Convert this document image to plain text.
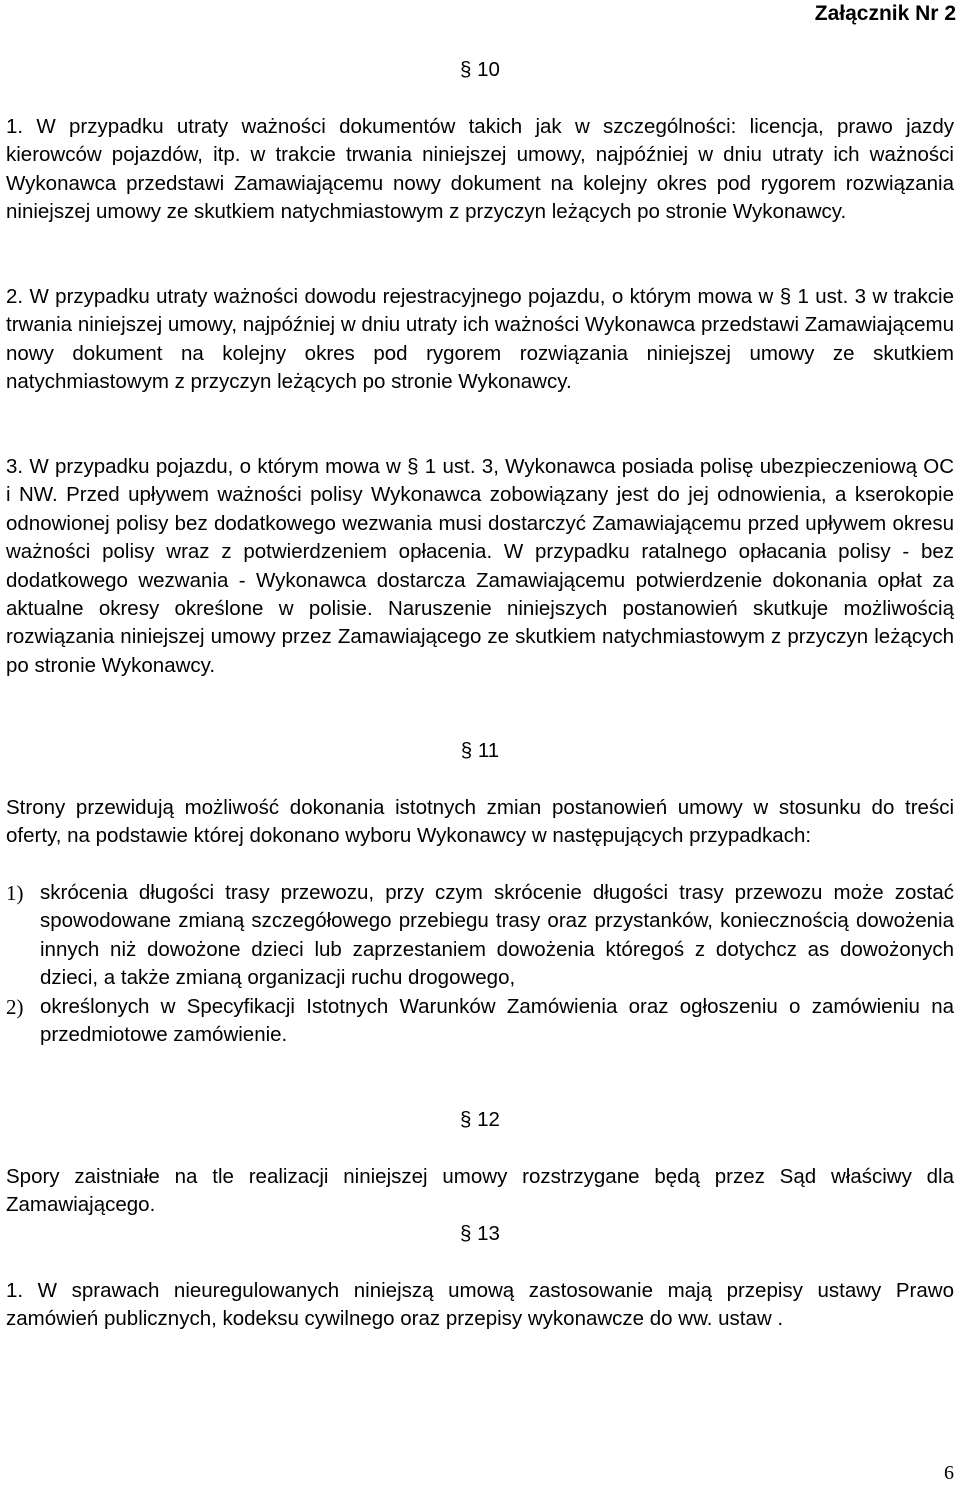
Załącznik Nr 2
§ 10

1. W przypadku utraty ważności dokumentów takich jak w szczególności: licencja, prawo jazdy kierowców pojazdów, itp. w trakcie trwania niniejszej umowy, najpóźniej w dniu utraty ich ważności Wykonawca przedstawi Zamawiającemu nowy dokument na kolejny okres pod rygorem rozwiązania niniejszej umowy ze skutkiem natychmiastowym z przyczyn leżących po stronie Wykonawcy.

2. W przypadku utraty ważności dowodu rejestracyjnego pojazdu, o którym mowa w § 1 ust. 3 w trakcie trwania niniejszej umowy, najpóźniej w dniu utraty ich ważności Wykonawca przedstawi Zamawiającemu nowy dokument na kolejny okres pod rygorem rozwiązania niniejszej umowy ze skutkiem natychmiastowym z przyczyn leżących po stronie Wykonawcy.

3. W przypadku pojazdu, o którym mowa w § 1 ust. 3, Wykonawca posiada polisę ubezpieczeniową OC i NW. Przed upływem ważności polisy Wykonawca zobowiązany jest do jej odnowienia, a kserokopie odnowionej polisy bez dodatkowego wezwania musi dostarczyć Zamawiającemu przed upływem okresu ważności polisy wraz z potwierdzeniem opłacenia. W przypadku ratalnego opłacania polisy - bez dodatkowego wezwania - Wykonawca dostarcza Zamawiającemu potwierdzenie dokonania opłat za aktualne okresy określone w polisie. Naruszenie niniejszych postanowień skutkuje możliwością rozwiązania niniejszej umowy przez Zamawiającego ze skutkiem natychmiastowym z przyczyn leżących po stronie Wykonawcy.

§ 11

Strony przewidują możliwość dokonania istotnych zmian postanowień umowy w stosunku do treści oferty, na podstawie której dokonano wyboru Wykonawcy w następujących przypadkach:

1) skrócenia długości trasy przewozu, przy czym skrócenie długości trasy przewozu może zostać spowodowane zmianą szczegółowego przebiegu trasy oraz przystanków, koniecznością dowożenia innych niż dowożone dzieci lub zaprzestaniem dowożenia któregoś z dotychcz as dowożonych dzieci, a także zmianą organizacji ruchu drogowego,

2) określonych w Specyfikacji Istotnych Warunków Zamówienia oraz ogłoszeniu o zamówieniu na przedmiotowe zamówienie.

§ 12

Spory zaistniałe na tle realizacji niniejszej umowy rozstrzygane będą przez Sąd właściwy dla Zamawiającego.

§ 13

1. W sprawach nieuregulowanych niniejszą umową zastosowanie mają przepisy ustawy Prawo zamówień publicznych, kodeksu cywilnego oraz przepisy wykonawcze do ww. ustaw .

6
